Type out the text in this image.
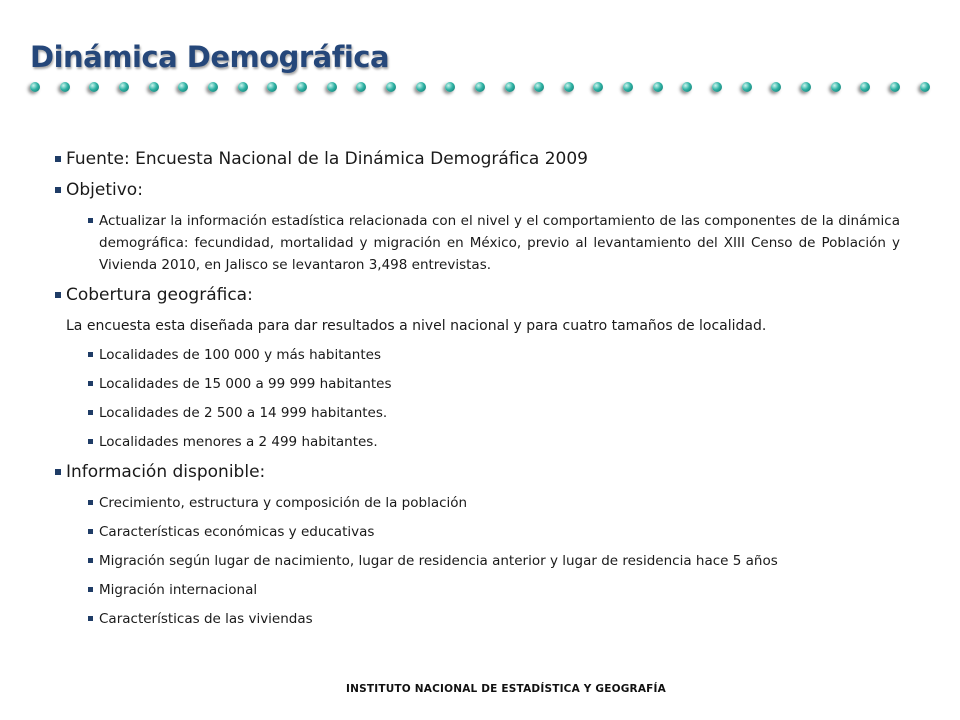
Dinámica Demográfica
Fuente: Encuesta Nacional de la Dinámica Demográfica 2009
Objetivo:
Actualizar la información estadística relacionada con el nivel y el comportamiento de las componentes de la dinámica demográfica: fecundidad, mortalidad y migración en México, previo al levantamiento del XIII Censo de Población y Vivienda 2010, en Jalisco se levantaron 3,498 entrevistas.
Cobertura geográfica:
La encuesta esta diseñada para dar resultados a nivel nacional y para cuatro tamaños de localidad.
Localidades de 100 000 y más habitantes
Localidades de 15 000 a 99 999 habitantes
Localidades de 2 500 a 14 999 habitantes.
Localidades menores a 2 499 habitantes.
Información disponible:
Crecimiento, estructura y composición de la población
Características económicas y educativas
Migración según lugar de nacimiento, lugar de residencia anterior y lugar de residencia hace 5 años
Migración internacional
Características de las viviendas
INSTITUTO NACIONAL DE ESTADÍSTICA Y GEOGRAFÍA
